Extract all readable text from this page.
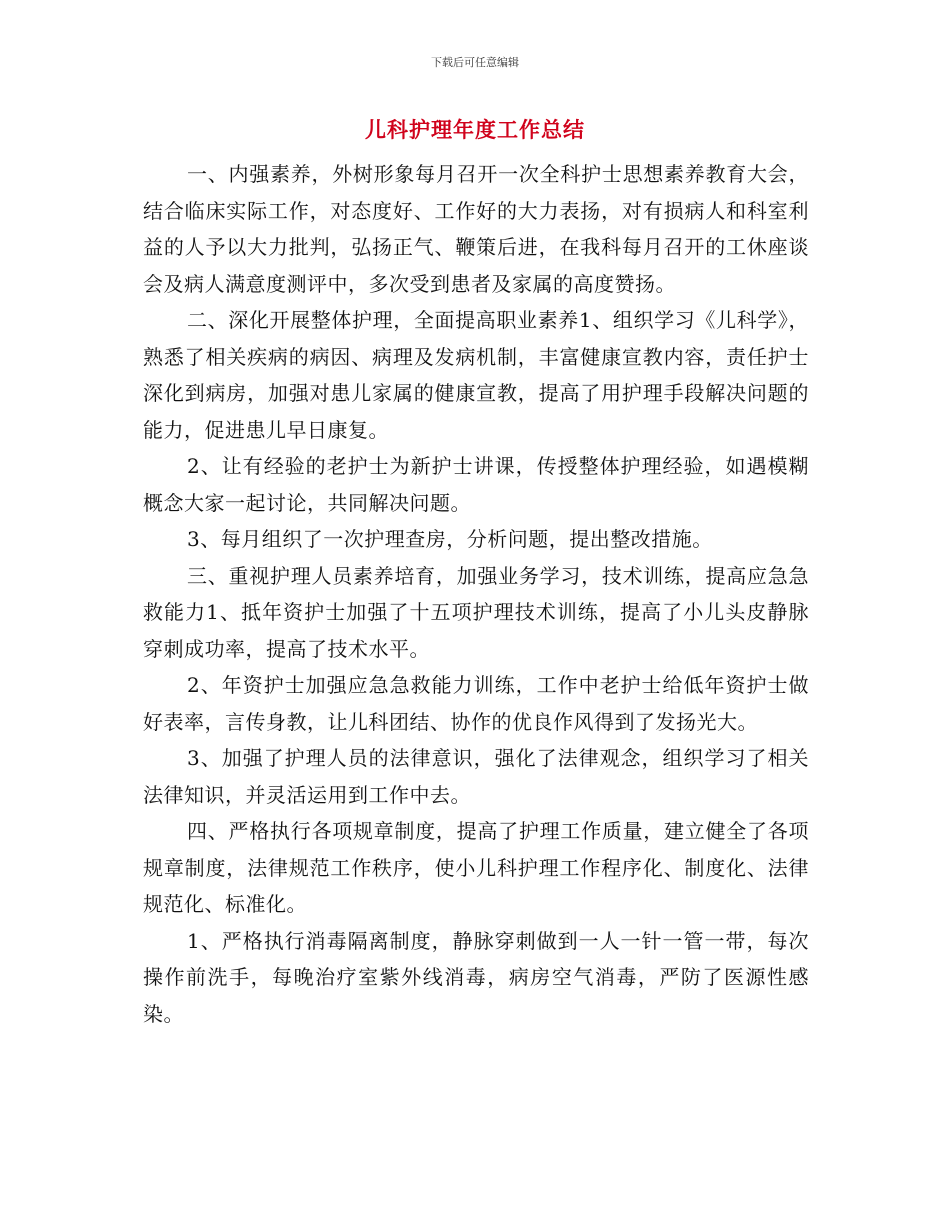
下载后可任意编辑
儿科护理年度工作总结

一、内强素养，外树形象每月召开一次全科护士思想素养教育大会，结合临床实际工作，对态度好、工作好的大力表扬，对有损病人和科室利益的人予以大力批判，弘扬正气、鞭策后进，在我科每月召开的工休座谈会及病人满意度测评中，多次受到患者及家属的高度赞扬。

二、深化开展整体护理，全面提高职业素养1、组织学习《儿科学》，熟悉了相关疾病的病因、病理及发病机制，丰富健康宣教内容，责任护士深化到病房，加强对患儿家属的健康宣教，提高了用护理手段解决问题的能力，促进患儿早日康复。

2、让有经验的老护士为新护士讲课，传授整体护理经验，如遇模糊概念大家一起讨论，共同解决问题。

3、每月组织了一次护理查房，分析问题，提出整改措施。

三、重视护理人员素养培育，加强业务学习，技术训练，提高应急急救能力1、抵年资护士加强了十五项护理技术训练，提高了小儿头皮静脉穿刺成功率，提高了技术水平。

2、年资护士加强应急急救能力训练，工作中老护士给低年资护士做好表率，言传身教，让儿科团结、协作的优良作风得到了发扬光大。

3、加强了护理人员的法律意识，强化了法律观念，组织学习了相关法律知识，并灵活运用到工作中去。

四、严格执行各项规章制度，提高了护理工作质量，建立健全了各项规章制度，法律规范工作秩序，使小儿科护理工作程序化、制度化、法律规范化、标准化。

1、严格执行消毒隔离制度，静脉穿刺做到一人一针一管一带，每次操作前洗手，每晚治疗室紫外线消毒，病房空气消毒，严防了医源性感染。
